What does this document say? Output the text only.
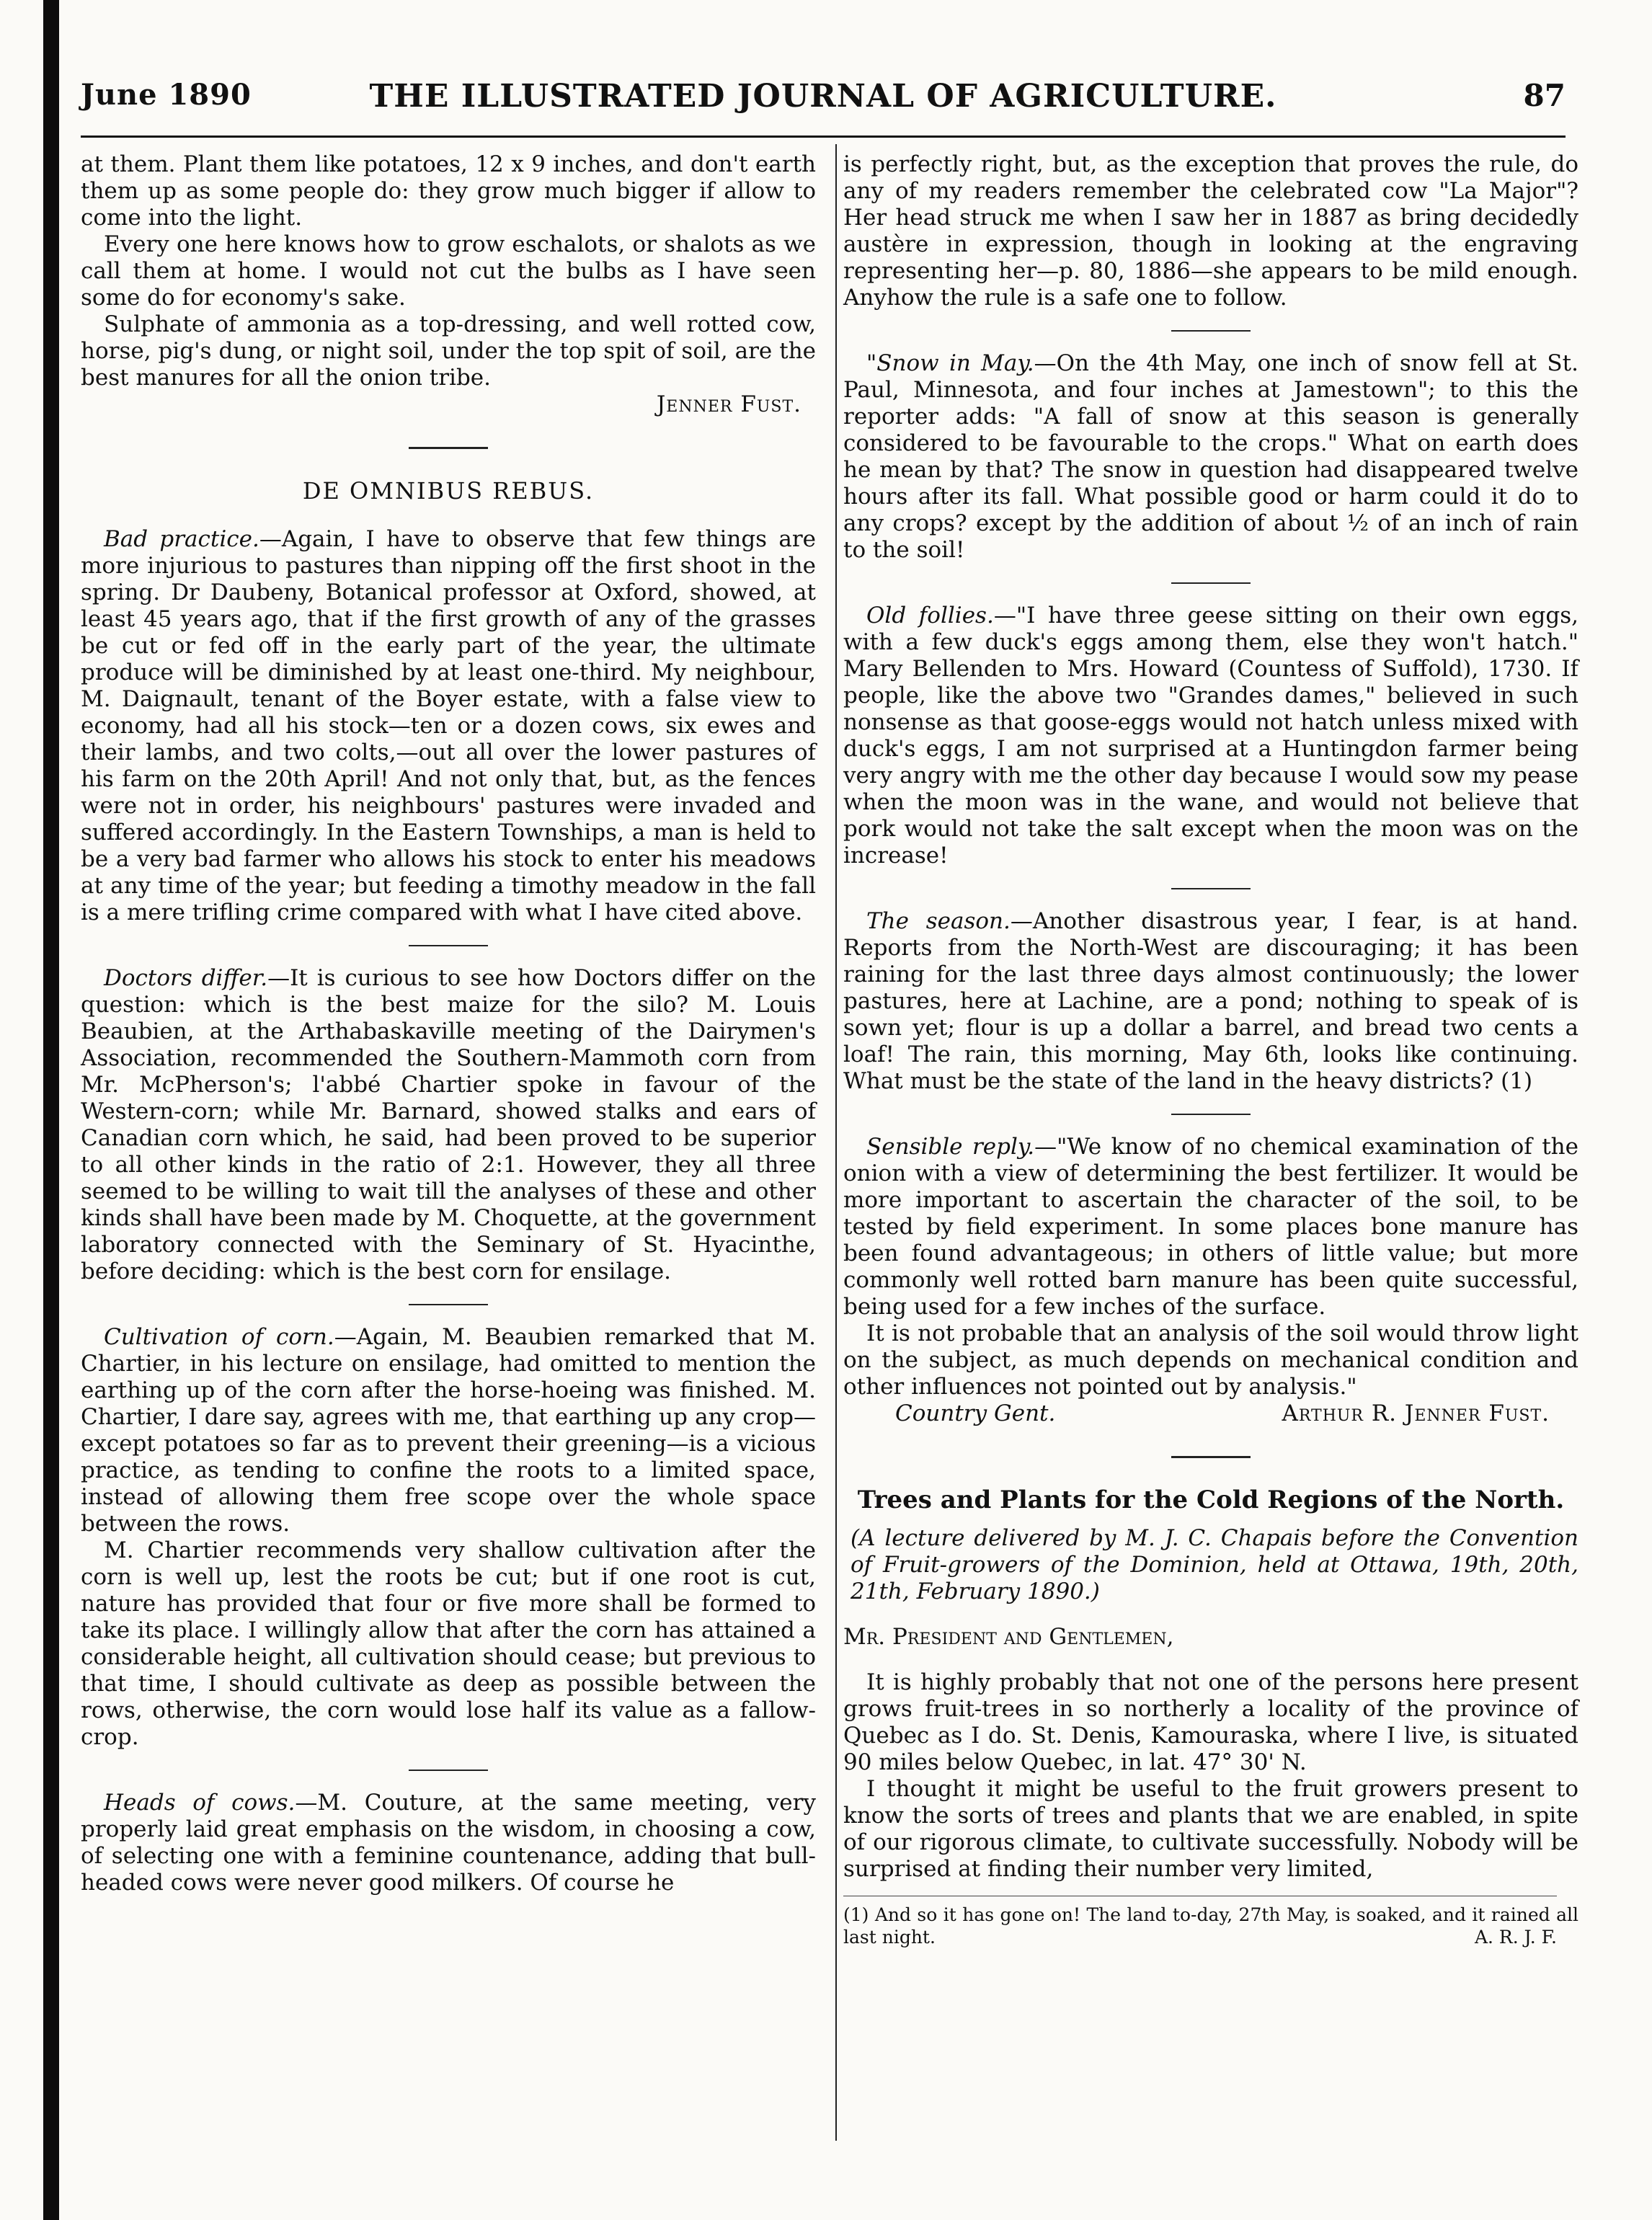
June 1890	THE ILLUSTRATED JOURNAL OF AGRICULTURE.	87

at them. Plant them like potatoes, 12 x 9 inches, and don't earth them up as some people do: they grow much bigger if allow to come into the light.

Every one here knows how to grow eschalots, or shalots as we call them at home. I would not cut the bulbs as I have seen some do for economy's sake.

Sulphate of ammonia as a top-dressing, and well rotted cow, horse, pig's dung, or night soil, under the top spit of soil, are the best manures for all the onion tribe.

Jenner Fust.

DE OMNIBUS REBUS.

Bad practice.—Again, I have to observe that few things are more injurious to pastures than nipping off the first shoot in the spring. Dr Daubeny, Botanical professor at Oxford, showed, at least 45 years ago, that if the first growth of any of the grasses be cut or fed off in the early part of the year, the ultimate produce will be diminished by at least one-third. My neighbour, M. Daignault, tenant of the Boyer estate, with a false view to economy, had all his stock—ten or a dozen cows, six ewes and their lambs, and two colts,—out all over the lower pastures of his farm on the 20th April! And not only that, but, as the fences were not in order, his neighbours' pastures were invaded and suffered accordingly. In the Eastern Townships, a man is held to be a very bad farmer who allows his stock to enter his meadows at any time of the year; but feeding a timothy meadow in the fall is a mere trifling crime compared with what I have cited above.

Doctors differ.—It is curious to see how Doctors differ on the question: which is the best maize for the silo? M. Louis Beaubien, at the Arthabaskaville meeting of the Dairymen's Association, recommended the Southern-Mammoth corn from Mr. McPherson's; l'abbé Chartier spoke in favour of the Western-corn; while Mr. Barnard, showed stalks and ears of Canadian corn which, he said, had been proved to be superior to all other kinds in the ratio of 2:1. However, they all three seemed to be willing to wait till the analyses of these and other kinds shall have been made by M. Choquette, at the government laboratory connected with the Seminary of St. Hyacinthe, before deciding: which is the best corn for ensilage.

Cultivation of corn.—Again, M. Beaubien remarked that M. Chartier, in his lecture on ensilage, had omitted to mention the earthing up of the corn after the horse-hoeing was finished. M. Chartier, I dare say, agrees with me, that earthing up any crop—except potatoes so far as to prevent their greening—is a vicious practice, as tending to confine the roots to a limited space, instead of allowing them free scope over the whole space between the rows.

M. Chartier recommends very shallow cultivation after the corn is well up, lest the roots be cut; but if one root is cut, nature has provided that four or five more shall be formed to take its place. I willingly allow that after the corn has attained a considerable height, all cultivation should cease; but previous to that time, I should cultivate as deep as possible between the rows, otherwise, the corn would lose half its value as a fallow-crop.

Heads of cows.—M. Couture, at the same meeting, very properly laid great emphasis on the wisdom, in choosing a cow, of selecting one with a feminine countenance, adding that bull-headed cows were never good milkers. Of course he

is perfectly right, but, as the exception that proves the rule, do any of my readers remember the celebrated cow "La Major"? Her head struck me when I saw her in 1887 as bring decidedly austère in expression, though in looking at the engraving representing her—p. 80, 1886—she appears to be mild enough. Anyhow the rule is a safe one to follow.

"Snow in May.—On the 4th May, one inch of snow fell at St. Paul, Minnesota, and four inches at Jamestown"; to this the reporter adds: "A fall of snow at this season is generally considered to be favourable to the crops." What on earth does he mean by that? The snow in question had disappeared twelve hours after its fall. What possible good or harm could it do to any crops? except by the addition of about ½ of an inch of rain to the soil!

Old follies.—"I have three geese sitting on their own eggs, with a few duck's eggs among them, else they won't hatch." Mary Bellenden to Mrs. Howard (Countess of Suffold), 1730. If people, like the above two "Grandes dames," believed in such nonsense as that goose-eggs would not hatch unless mixed with duck's eggs, I am not surprised at a Huntingdon farmer being very angry with me the other day because I would sow my pease when the moon was in the wane, and would not believe that pork would not take the salt except when the moon was on the increase!

The season.—Another disastrous year, I fear, is at hand. Reports from the North-West are discouraging; it has been raining for the last three days almost continuously; the lower pastures, here at Lachine, are a pond; nothing to speak of is sown yet; flour is up a dollar a barrel, and bread two cents a loaf! The rain, this morning, May 6th, looks like continuing. What must be the state of the land in the heavy districts? (1)

Sensible reply.—"We know of no chemical examination of the onion with a view of determining the best fertilizer. It would be more important to ascertain the character of the soil, to be tested by field experiment. In some places bone manure has been found advantageous; in others of little value; but more commonly well rotted barn manure has been quite successful, being used for a few inches of the surface.

It is not probable that an analysis of the soil would throw light on the subject, as much depends on mechanical condition and other influences not pointed out by analysis."

Country Gent.	Arthur R. Jenner Fust.

Trees and Plants for the Cold Regions of the North.

(A lecture delivered by M. J. C. Chapais before the Convention of Fruit-growers of the Dominion, held at Ottawa, 19th, 20th, 21th, February 1890.)

Mr. President and Gentlemen,

It is highly probably that not one of the persons here present grows fruit-trees in so northerly a locality of the province of Quebec as I do. St. Denis, Kamouraska, where I live, is situated 90 miles below Quebec, in lat. 47° 30' N.

I thought it might be useful to the fruit growers present to know the sorts of trees and plants that we are enabled, in spite of our rigorous climate, to cultivate successfully. Nobody will be surprised at finding their number very limited,

(1) And so it has gone on! The land to-day, 27th May, is soaked, and it rained all last night.	A. R. J. F.
